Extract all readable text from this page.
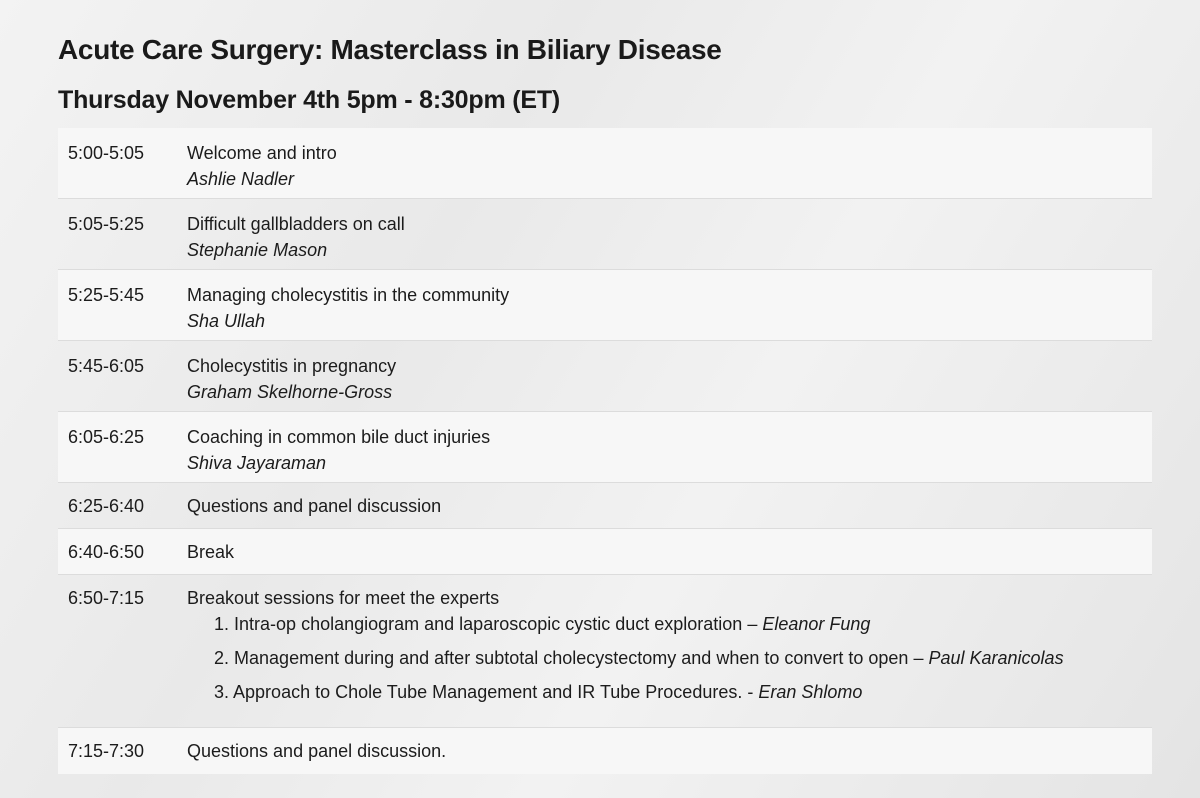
Acute Care Surgery: Masterclass in Biliary Disease
Thursday November 4th 5pm - 8:30pm (ET)
5:00-5:05	Welcome and intro
Ashlie Nadler
5:05-5:25	Difficult gallbladders on call
Stephanie Mason
5:25-5:45	Managing cholecystitis in the community
Sha Ullah
5:45-6:05	Cholecystitis in pregnancy
Graham Skelhorne-Gross
6:05-6:25	Coaching in common bile duct injuries
Shiva Jayaraman
6:25-6:40	Questions and panel discussion
6:40-6:50	Break
6:50-7:15	Breakout sessions for meet the experts
1. Intra-op cholangiogram and laparoscopic cystic duct exploration – Eleanor Fung
2. Management during and after subtotal cholecystectomy and when to convert to open – Paul Karanicolas
3. Approach to Chole Tube Management and IR Tube Procedures. - Eran Shlomo
7:15-7:30	Questions and panel discussion.
